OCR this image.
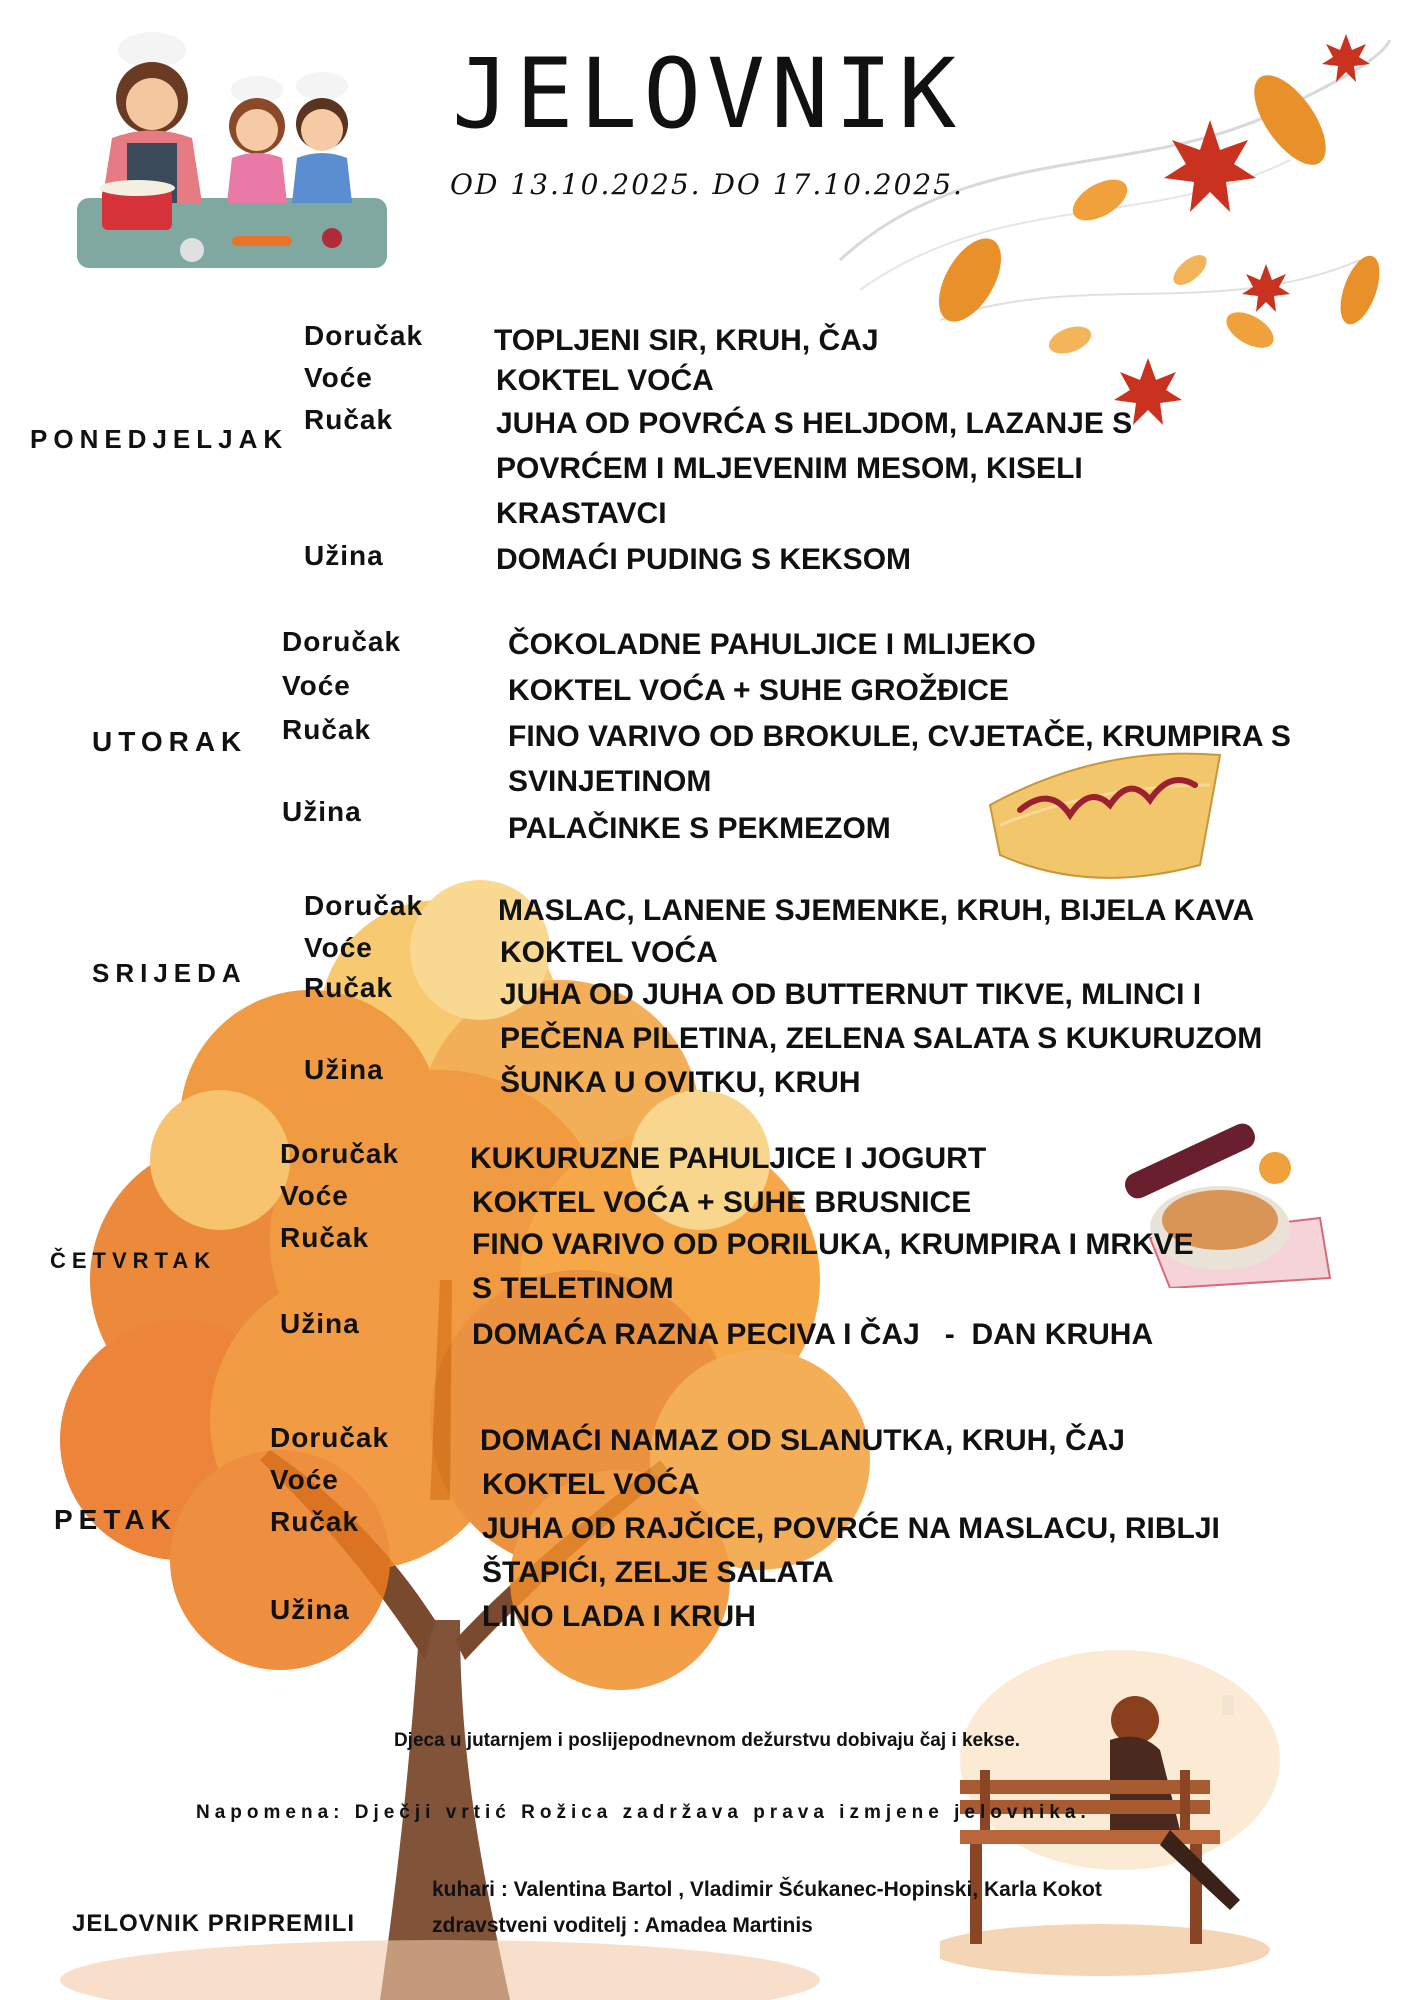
JELOVNIK
OD 13.10.2025. DO 17.10.2025.
PONEDJELJAK
Doručak
Voće
Ručak
Užina
TOPLJENI SIR, KRUH, ČAJ
KOKTEL VOĆA
JUHA OD POVRĆA S HELJDOM, LAZANJE S
POVRĆEM I MLJEVENIM MESOM, KISELI
KRASTAVCI
DOMAĆI PUDING S KEKSOM
UTORAK
Doručak
Voće
Ručak
Užina
ČOKOLADNE PAHULJICE I MLIJEKO
KOKTEL VOĆA + SUHE GROŽĐICE
FINO VARIVO OD BROKULE, CVJETAČE, KRUMPIRA S
SVINJETINOM
PALAČINKE S PEKMEZOM
SRIJEDA
Doručak
Voće
Ručak
Užina
MASLAC, LANENE SJEMENKE, KRUH, BIJELA KAVA
KOKTEL VOĆA
JUHA OD JUHA OD BUTTERNUT TIKVE, MLINCI I
PEČENA PILETINA, ZELENA SALATA S KUKURUZOM
ŠUNKA U OVITKU, KRUH
ČETVRTAK
Doručak
Voće
Ručak
Užina
KUKURUZNE PAHULJICE I JOGURT
KOKTEL VOĆA + SUHE BRUSNICE
FINO VARIVO OD PORILUKA, KRUMPIRA I MRKVE
S TELETINOM
DOMAĆA RAZNA PECIVA I ČAJ   -  DAN KRUHA
PETAK
Doručak
Voće
Ručak
Užina
DOMAĆI NAMAZ OD SLANUTKA, KRUH, ČAJ
KOKTEL VOĆA
JUHA OD RAJČICE, POVRĆE NA MASLACU, RIBLJI
ŠTAPIĆI, ZELJE SALATA
LINO LADA I KRUH
Djeca u jutarnjem i poslijepodnevnom dežurstvu dobivaju čaj i kekse.
Napomena: Dječji vrtić Rožica zadržava prava izmjene jelovnika.
JELOVNIK PRIPREMILI
kuhari : Valentina Bartol , Vladimir Šćukanec-Hopinski, Karla Kokot
zdravstveni voditelj : Amadea Martinis
